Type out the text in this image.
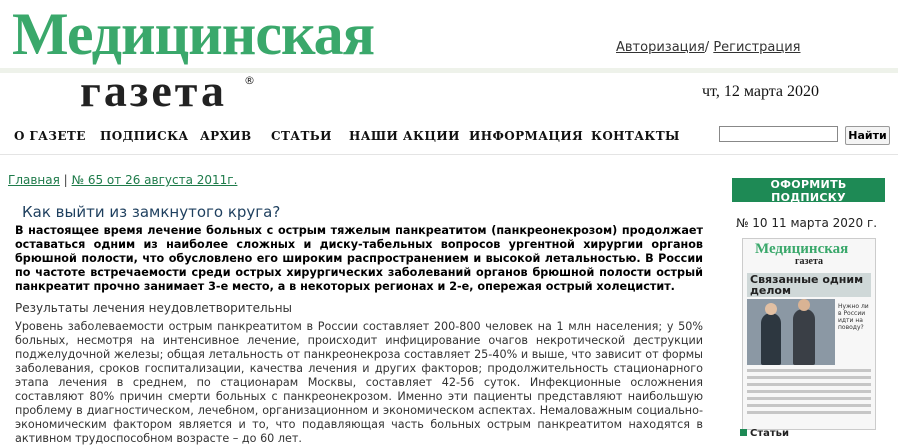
Медицинская
газета ®
Авторизация/ Регистрация
чт, 12 марта 2020
О ГАЗЕТЕ ПОДПИСКА АРХИВ СТАТЬИ НАШИ АКЦИИ ИНФОРМАЦИЯ КОНТАКТЫ	Найти
Главная | № 65 от 26 августа 2011г.
Как выйти из замкнутого круга?
В настоящее время лечение больных с острым тяжелым панкреатитом (панкреонекрозом) продолжает оставаться одним из наиболее сложных и диску-табельных вопросов ургентной хирургии органов брюшной полости, что обусловлено его широким распространением и высокой летальностью. В России по частоте встречаемости среди острых хирургических заболеваний органов брюшной полости острый панкреатит прочно занимает 3-е место, а в некоторых регионах и 2-е, опережая острый холецистит.
Результаты лечения неудовлетворительны
Уровень заболеваемости острым панкреатитом в России составляет 200-800 человек на 1 млн населения; у 50% больных, несмотря на интенсивное лечение, происходит инфицирование очагов некротической деструкции поджелудочной железы; общая летальность от панкреонекроза составляет 25-40% и выше, что зависит от формы заболевания, сроков госпитализации, качества лечения и других факторов; продолжительность стационарного этапа лечения в среднем, по стационарам Москвы, составляет 42-56 суток. Инфекционные осложнения составляют 80% причин смерти больных с панкреонекрозом. Именно эти пациенты представляют наибольшую проблему в диагностическом, лечебном, организационном и экономическом аспектах. Немаловажным социально-экономическим фактором является и то, что подавляющая часть больных острым панкреатитом находятся в активном трудоспособном возрасте – до 60 лет.
ОФОРМИТЬ ПОДПИСКУ
№ 10 11 марта 2020 г.
Медицинская
газета
Связанные одним делом
Нужно ли в России идти на поводу?
Статьи
